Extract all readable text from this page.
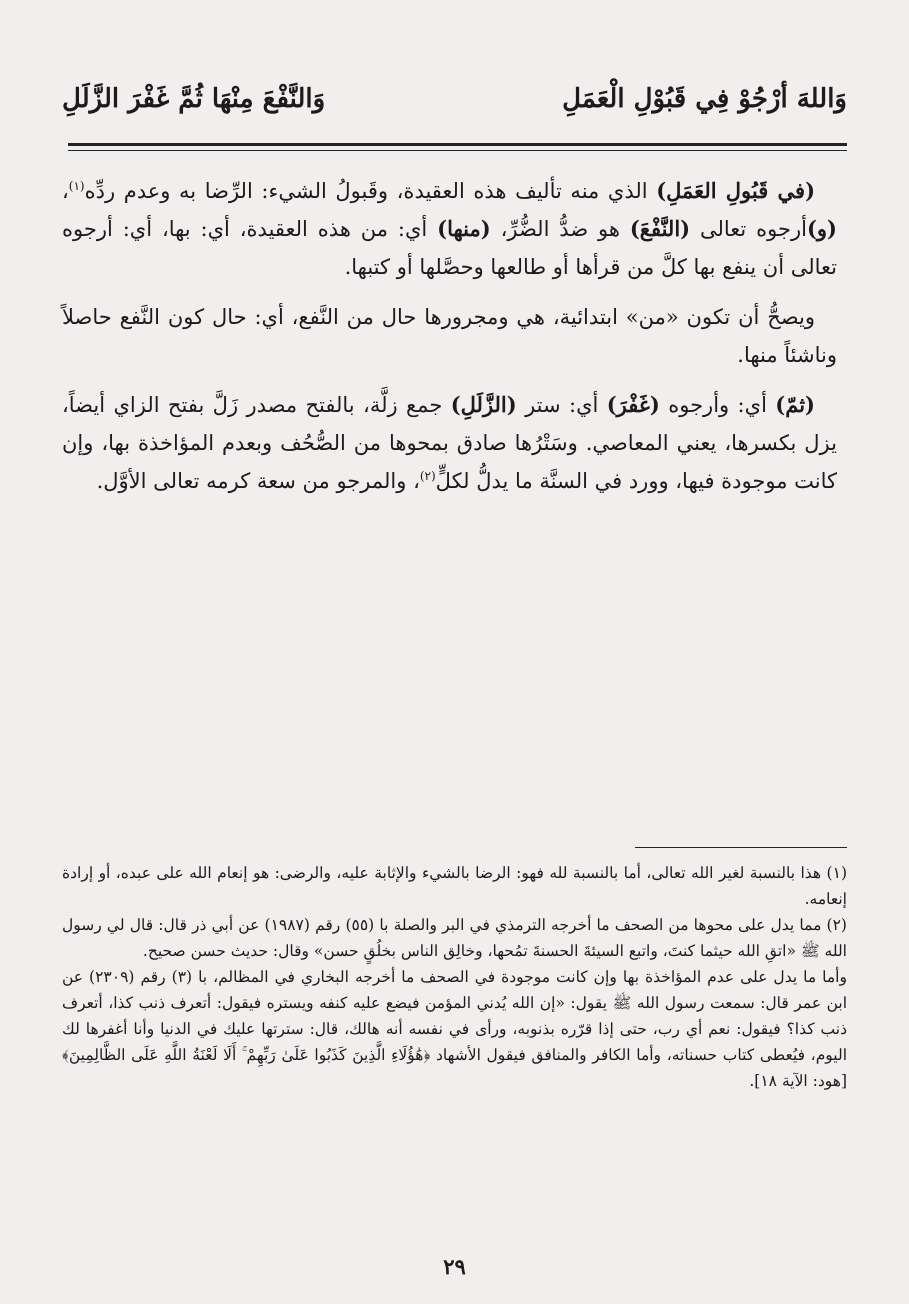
وَاللهَ أرْجُوْ فِي قَبُوْلِ الْعَمَلِ
وَالنَّفْعَ مِنْهَا ثُمَّ غَفْرَ الزَّلَلِ

(في قَبُولِ العَمَلِ) الذي منه تأليف هذه العقيدة، وقَبولُ الشيء: الرِّضا به وعدم ردِّه$^{(١)}$، (و)أرجوه تعالى (النَّفْعَ) هو ضدُّ الضُّرِّ، (منها) أي: من هذه العقيدة، أي: بها، أي: أرجوه تعالى أن ينفع بها كلَّ من قرأها أو طالعها وحصَّلها أو كتبها.

ويصحُّ أن تكون «من» ابتدائية، هي ومجرورها حال من النَّفع، أي: حال كون النَّفع حاصلاً وناشئاً منها.

(ثمّ) أي: وأرجوه (غَفْرَ) أي: ستر (الزَّلَلِ) جمع زلَّة، بالفتح مصدر زَلَّ بفتح الزاي أيضاً، يزل بكسرها، يعني المعاصي. وسَتْرُها صادق بمحوها من الصُّحُف وبعدم المؤاخذة بها، وإن كانت موجودة فيها، وورد في السنَّة ما يدلُّ لكلٍّ$^{(٢)}$، والمرجو من سعة كرمه تعالى الأوَّل.

(١) هذا بالنسبة لغير الله تعالى، أما بالنسبة لله فهو: الرضا بالشيء والإثابة عليه، والرضى: هو إنعام الله على عبده، أو إرادة إنعامه.

(٢) مما يدل على محوها من الصحف ما أخرجه الترمذي في البر والصلة با (٥٥) رقم (١٩٨٧) عن أبي ذر قال: قال لي رسول الله ﷺ «اتقِ الله حيثما كنتَ، واتبع السيئةَ الحسنةَ تمُحها، وخالِق الناس بخلُقٍ حسن» وقال: حديث حسن صحيح.

وأما ما يدل على عدم المؤاخذة بها وإن كانت موجودة في الصحف ما أخرجه البخاري في المظالم، با (٣) رقم (٢٣٠٩) عن ابن عمر قال: سمعت رسول الله ﷺ يقول: «إن الله يُدني المؤمن فيضع عليه كنفه ويستره فيقول: أتعرف ذنب كذا، أتعرف ذنب كذا؟ فيقول: نعم أي رب، حتى إذا قرّره بذنوبه، ورأى في نفسه أنه هالك، قال: سترتها عليك في الدنيا وأنا أغفرها لك اليوم، فيُعطى كتاب حسناته، وأما الكافر والمنافق فيقول الأشهاد ﴿هَٰؤُلَاءِ الَّذِينَ كَذَبُوا عَلَىٰ رَبِّهِمْ ۚ أَلَا لَعْنَةُ اللَّهِ عَلَى الظَّالِمِينَ﴾ [هود: الآية ١٨].

٢٩
